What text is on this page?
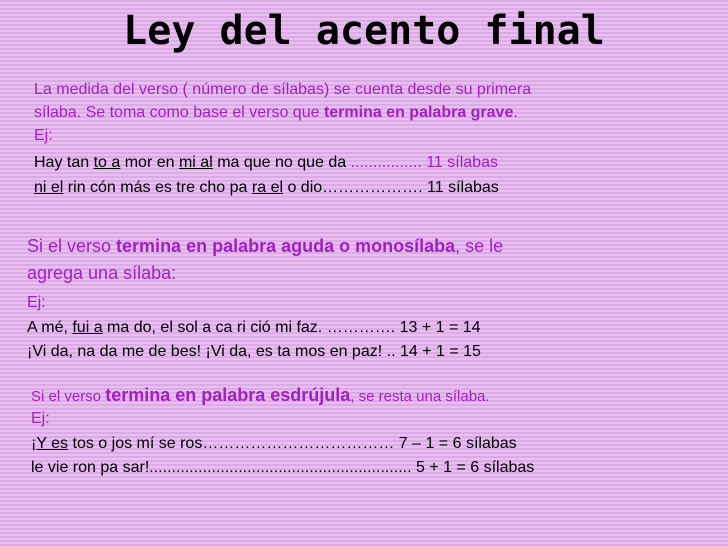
Ley del acento final
La medida del verso ( número de sílabas) se cuenta desde su primera
sílaba. Se toma como base el verso que termina en palabra grave.
Ej:
Hay tan to a mor en mi al ma que no que da ................ 11 sílabas
ni el rin cón más es tre cho pa ra el o dio………………. 11 sílabas
Si el verso termina en palabra aguda o monosílaba, se le
agrega una sílaba:
Ej:
A mé, fui a ma do, el sol a ca ri ció mi faz. …………. 13 + 1 = 14
¡Vi da, na da me de bes! ¡Vi da, es ta mos en paz! .. 14 + 1 = 15
Si el verso termina en palabra esdrújula, se resta una sílaba.
Ej:
¡Y es tos o jos mí se ros……………………………… 7 – 1 = 6 sílabas
le vie ron pa sar!........................................................... 5 + 1 = 6 sílabas
